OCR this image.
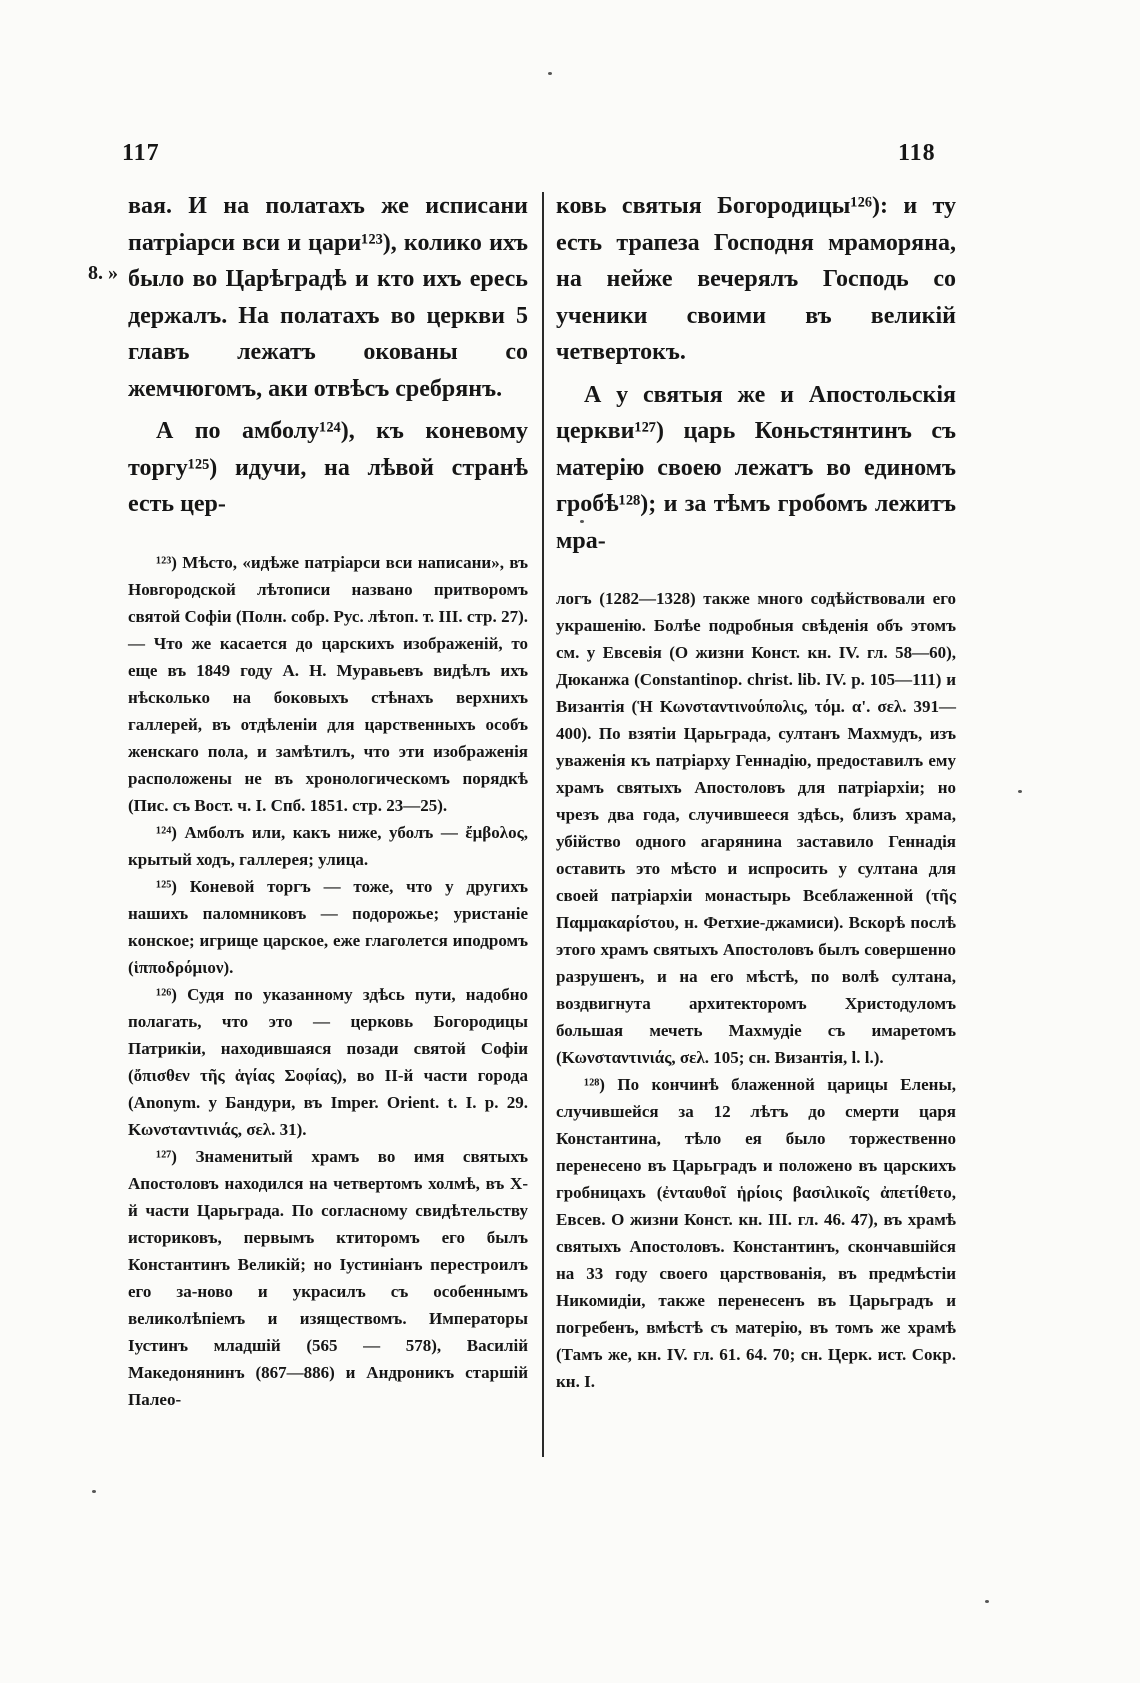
117	118
8. »

вая. И на полатахъ же исписани патріарси вси и цари¹²³), колико ихъ было во Царѣградѣ и кто ихъ ересь держалъ. На полатахъ во церкви 5 главъ лежатъ окованы со жемчюгомъ, аки отвѣсъ сребрянъ.

А по амболу¹²⁴), къ коневому торгу¹²⁵) идучи, на лѣвой странѣ есть цер-

¹²³) Мѣсто, «идѣже патріарси вси написани», въ Новгородской лѣтописи названо притворомъ святой Софіи (Полн. собр. Рус. лѣтоп. т. III. стр. 27). — Что же касается до царскихъ изображеній, то еще въ 1849 году А. Н. Муравьевъ видѣлъ ихъ нѣсколько на боковыхъ стѣнахъ верхнихъ галлерей, въ отдѣленіи для царственныхъ особъ женскаго пола, и замѣтилъ, что эти изображенія расположены не въ хронологическомъ порядкѣ (Пис. съ Вост. ч. I. Спб. 1851. стр. 23—25).

¹²⁴) Амболъ или, какъ ниже, уболъ — ἔμβολος, крытый ходъ, галлерея; улица.

¹²⁵) Коневой торгъ — тоже, что у другихъ нашихъ паломниковъ — подорожье; уристаніе конское; игрище царское, еже глаголется иподромъ (ἱπποδρόμιον).

¹²⁶) Судя по указанному здѣсь пути, надобно полагать, что это — церковь Богородицы Патрикіи, находившаяся позади святой Софіи (ὄπισθεν τῆς ἁγίας Σοφίας), во II-й части города (Anonym. у Бандури, въ Imper. Orient. t. I. p. 29. Κωνσταντινιάς, σελ. 31).

¹²⁷) Знаменитый храмъ во имя святыхъ Апостоловъ находился на четвертомъ холмѣ, въ X-й части Царьграда. По согласному свидѣтельству историковъ, первымъ ктиторомъ его былъ Константинъ Великій; но Іустиніанъ перестроилъ его за-ново и украсилъ съ особеннымъ великолѣпіемъ и изяществомъ. Императоры Іустинъ младшій (565 — 578), Василій Македонянинъ (867—886) и Андроникъ старшій Палео-

ковь святыя Богородицы¹²⁶): и ту есть трапеза Господня мраморяна, на нейже вечерялъ Господь со ученики своими въ великій четвертокъ.

А у святыя же и Апостольскія церкви¹²⁷) царь Коньстянтинъ съ матерію своею лежатъ во единомъ гробѣ¹²⁸); и за тѣмъ гробомъ лежитъ мра-

логъ (1282—1328) также много содѣйствовали его украшенію. Болѣе подробныя свѣденія объ этомъ см. у Евсевія (О жизни Конст. кн. IV. гл. 58—60), Дюканжа (Constantinop. christ. lib. IV. p. 105—111) и Византія (Ἡ Κωνσταντινούπολις, τόμ. α'. σελ. 391—400). По взятіи Царьграда, султанъ Махмудъ, изъ уваженія къ патріарху Геннадію, предоставилъ ему храмъ святыхъ Апостоловъ для патріархіи; но чрезъ два года, случившееся здѣсь, близъ храма, убійство одного агарянина заставило Геннадія оставить это мѣсто и испросить у султана для своей патріархіи монастырь Всеблаженной (τῆς Παμμακαρίστου, н. Фетхие-джамиси). Вскорѣ послѣ этого храмъ святыхъ Апостоловъ былъ совершенно разрушенъ, и на его мѣстѣ, по волѣ султана, воздвигнута архитекторомъ Христодуломъ большая мечеть Махмудіе съ имаретомъ (Κωνσταντινιάς, σελ. 105; сн. Византія, l. l.).

¹²⁸) По кончинѣ блаженной царицы Елены, случившейся за 12 лѣтъ до смерти царя Константина, тѣло ея было торжественно перенесено въ Царьградъ и положено въ царскихъ гробницахъ (ἐνταυθοῖ ἡρίοις βασιλικοῖς ἀπετίθετο, Евсев. О жизни Конст. кн. III. гл. 46. 47), въ храмѣ святыхъ Апостоловъ. Константинъ, скончавшійся на 33 году своего царствованія, въ предмѣстіи Никомидіи, также перенесенъ въ Царьградъ и погребенъ, вмѣстѣ съ матерію, въ томъ же храмѣ (Тамъ же, кн. IV. гл. 61. 64. 70; сн. Церк. ист. Сокр. кн. I.
